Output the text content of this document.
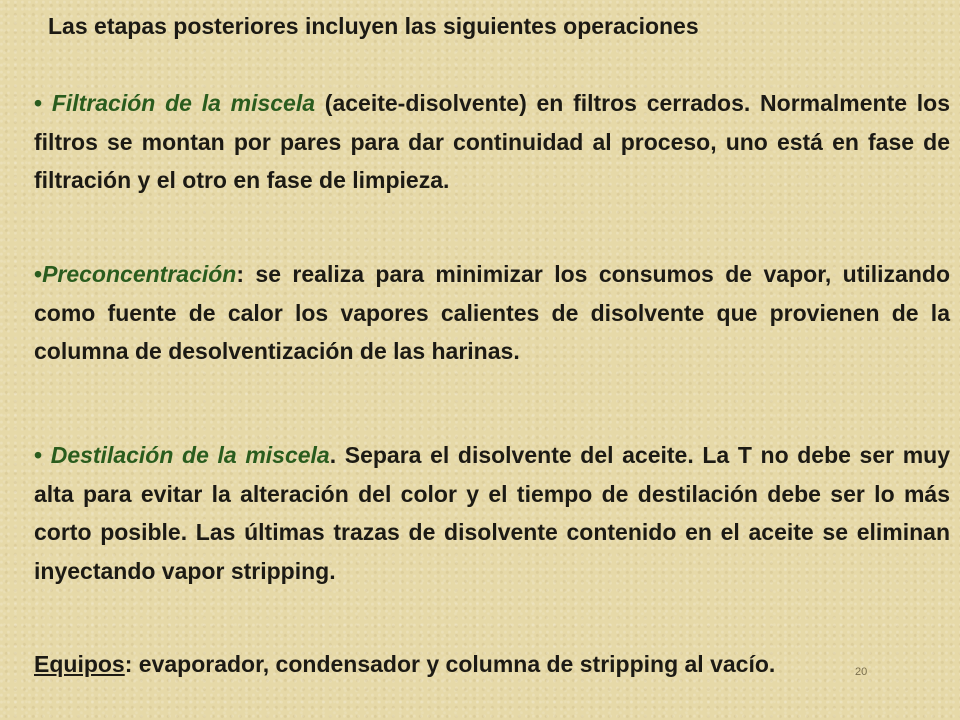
Las etapas posteriores incluyen las siguientes operaciones
• Filtración de la miscela (aceite-disolvente) en filtros cerrados. Normalmente los filtros se montan por pares para dar continuidad al proceso, uno está en fase de filtración y el otro en fase de limpieza.
•Preconcentración: se realiza para minimizar los consumos de vapor, utilizando como fuente de calor los vapores calientes de disolvente que provienen de la columna de desolventización de las harinas.
• Destilación de la miscela. Separa el disolvente del aceite. La T no debe ser muy alta para evitar la alteración del color y el tiempo de destilación debe ser lo más corto posible. Las últimas trazas de disolvente contenido en el aceite se eliminan inyectando vapor stripping.
Equipos: evaporador, condensador y columna de stripping al vacío.	20
